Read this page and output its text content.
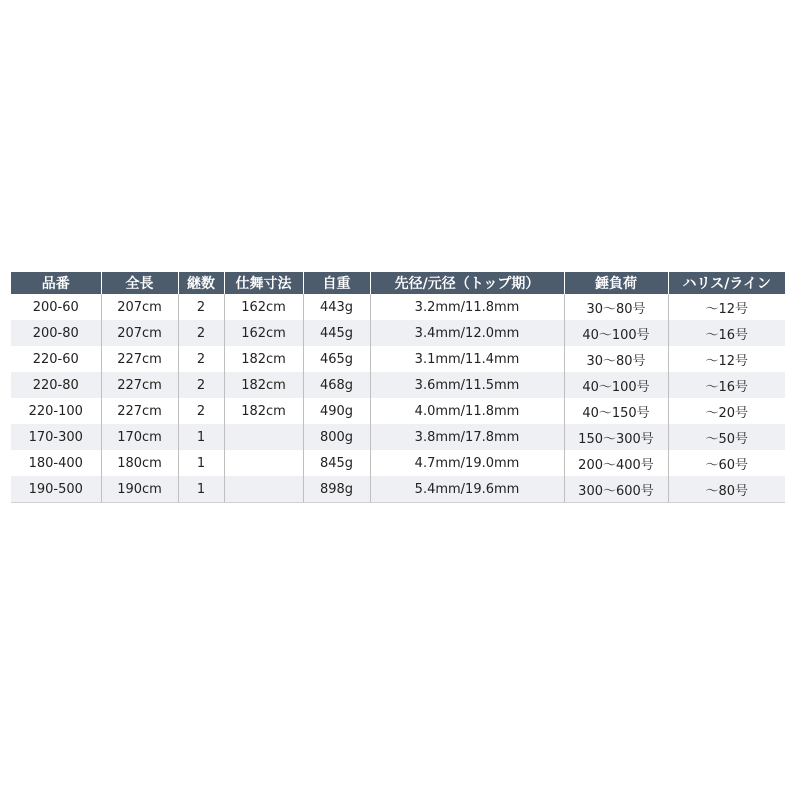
品番	全長	継数	仕舞寸法	自重	先径/元径（トップ期）	錘負荷	ハリス/ライン
200-60	207cm	2	162cm	443g	3.2mm/11.8mm	30～80号	～12号
200-80	207cm	2	162cm	445g	3.4mm/12.0mm	40～100号	～16号
220-60	227cm	2	182cm	465g	3.1mm/11.4mm	30～80号	～12号
220-80	227cm	2	182cm	468g	3.6mm/11.5mm	40～100号	～16号
220-100	227cm	2	182cm	490g	4.0mm/11.8mm	40～150号	～20号
170-300	170cm	1		800g	3.8mm/17.8mm	150～300号	～50号
180-400	180cm	1		845g	4.7mm/19.0mm	200～400号	～60号
190-500	190cm	1		898g	5.4mm/19.6mm	300～600号	～80号
